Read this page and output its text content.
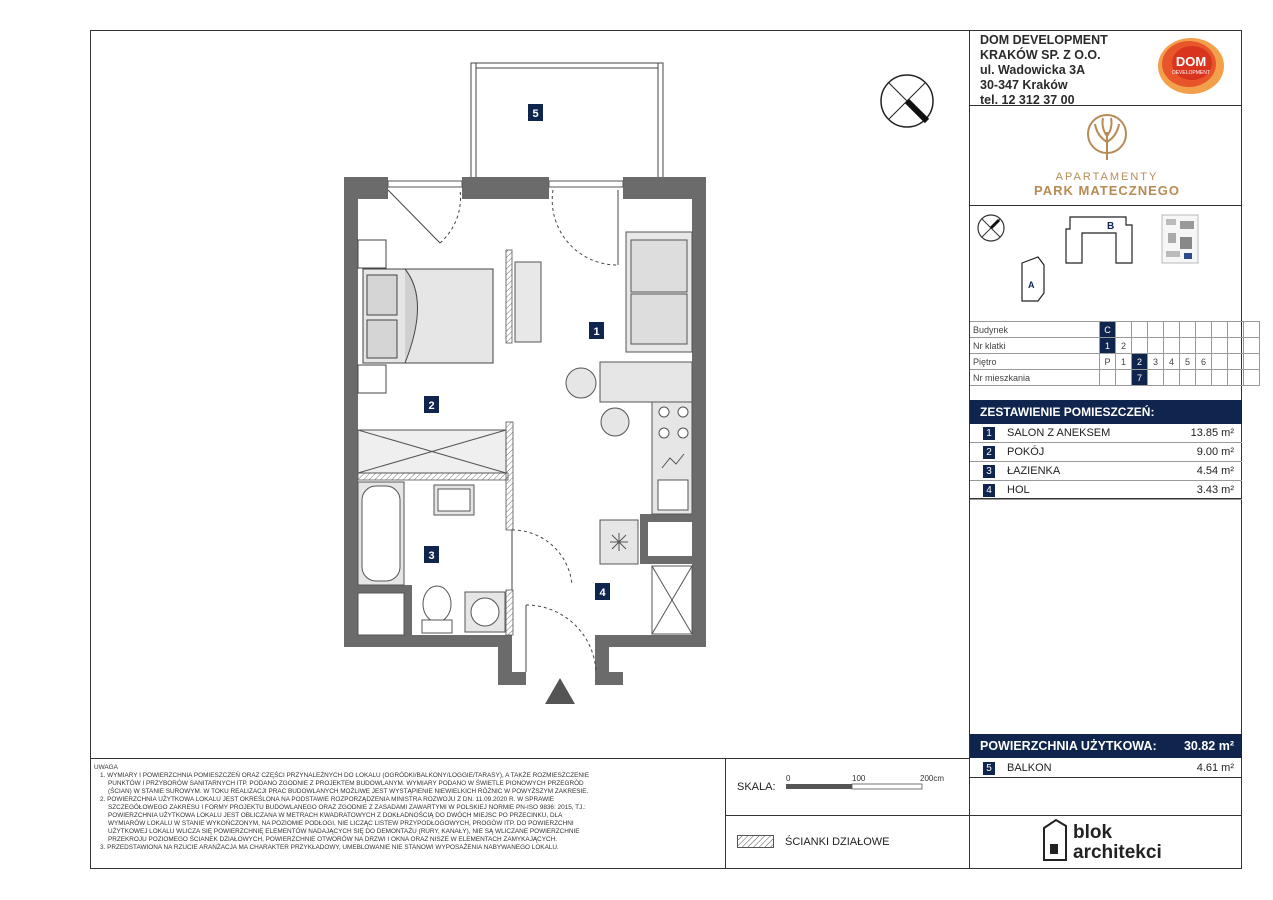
DOM DEVELOPMENT
KRAKÓW SP. Z O.O.
ul. Wadowicka 3A
30-347 Kraków
tel. 12 312 37 00
DOM
DEVELOPMENT
APARTAMENTY
PARK MATECZNEGO
B
A
Budynek	C									
Nr klatki	1	2								
Piętro	P	1	2	3	4	5	6			
Nr mieszkania			7							
ZESTAWIENIE POMIESZCZEŃ:
1 SALON Z ANEKSEM	13.85 m²
2 POKÓJ	9.00 m²
3 ŁAZIENKA	4.54 m²
4 HOL	3.43 m²
POWIERZCHNIA UŻYTKOWA: 30.82 m²
5 BALKON	4.61 m²
UWAGA
1. WYMIARY I POWIERZCHNIA POMIESZCZEŃ ORAZ CZĘŚCI PRZYNALEŻNYCH DO LOKALU (OGRÓDKI/BALKONY/LOGGIE/TARASY), A TAKŻE ROZMIESZCZENIE
PUNKTÓW I PRZYBORÓW SANITARNYCH ITP. PODANO ZGODNIE Z PROJEKTEM BUDOWLANYM. WYMIARY PODANO W ŚWIETLE PIONOWYCH PRZEGRÓD
(ŚCIAN) W STANIE SUROWYM. W TOKU REALIZACJI PRAC BUDOWLANYCH MOŻLIWE JEST WYSTĄPIENIE NIEWIELKICH RÓŻNIC W POWYŻSZYM ZAKRESIE.
2. POWIERZCHNIA UŻYTKOWA LOKALU JEST OKREŚLONA NA PODSTAWIE ROZPORZĄDZENIA MINISTRA ROZWOJU Z DN. 11.09.2020 R. W SPRAWIE
SZCZEGÓŁOWEGO ZAKRESU I FORMY PROJEKTU BUDOWLANEGO ORAZ ZGODNIE Z ZASADAMI ZAWARTYMI W POLSKIEJ NORMIE PN-ISO 9836: 2015, TJ.:
POWIERZCHNIA UŻYTKOWA LOKALU JEST OBLICZANA W METRACH KWADRATOWYCH Z DOKŁADNOŚCIĄ DO DWÓCH MIEJSC PO PRZECINKU, DLA
WYMIARÓW LOKALU W STANIE WYKOŃCZONYM, NA POZIOMIE PODŁOGI, NIE LICZĄC LISTEW PRZYPODŁOGOWYCH, PROGÓW ITP. DO POWIERZCHNI
UŻYTKOWEJ LOKALU WLICZA SIĘ POWIERZCHNIĘ ELEMENTÓW NADAJĄCYCH SIĘ DO DEMONTAŻU (RURY, KANAŁY), NIE SĄ WLICZANE POWIERZCHNIE
PRZEKROJU POZIOMEGO ŚCIANEK DZIAŁOWYCH, POWIERZCHNIE OTWORÓW NA DRZWI I OKNA ORAZ NISZE W ELEMENTACH ZAMYKAJĄCYCH.
3. PRZEDSTAWIONA NA RZUCIE ARANŻACJA MA CHARAKTER PRZYKŁADOWY, UMEBLOWANIE NIE STANOWI WYPOSAŻENIA NABYWANEGO LOKALU.
SKALA:
0	100	200cm
ŚCIANKI DZIAŁOWE	blok
architekci
1
2
3
4
5
